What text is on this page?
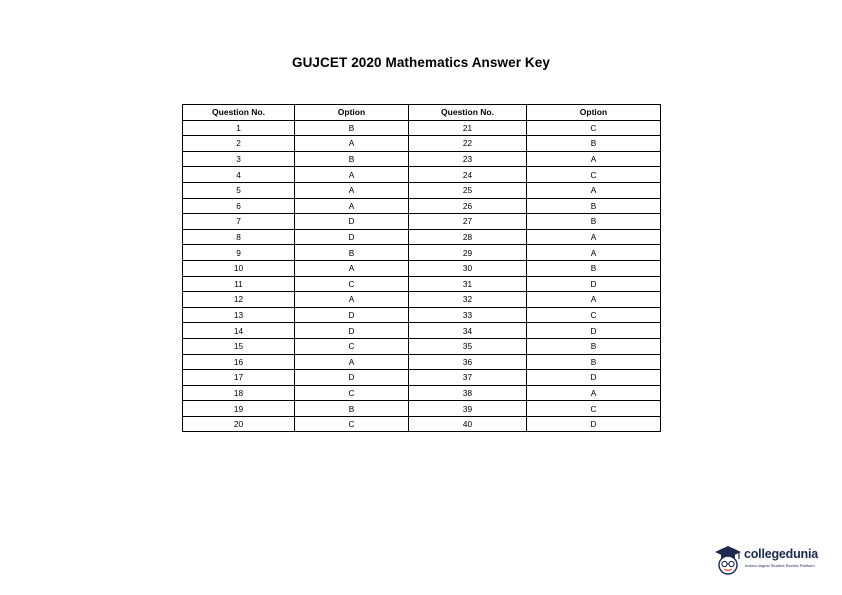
GUJCET 2020 Mathematics Answer Key
Question No.	Option	Question No.	Option
1	B	21	C
2	A	22	B
3	B	23	A
4	A	24	C
5	A	25	A
6	A	26	B
7	D	27	B
8	D	28	A
9	B	29	A
10	A	30	B
11	C	31	D
12	A	32	A
13	D	33	C
14	D	34	D
15	C	35	B
16	A	36	B
17	D	37	D
18	C	38	A
19	B	39	C
20	C	40	D
collegedunia
India's largest Student Review Platform
